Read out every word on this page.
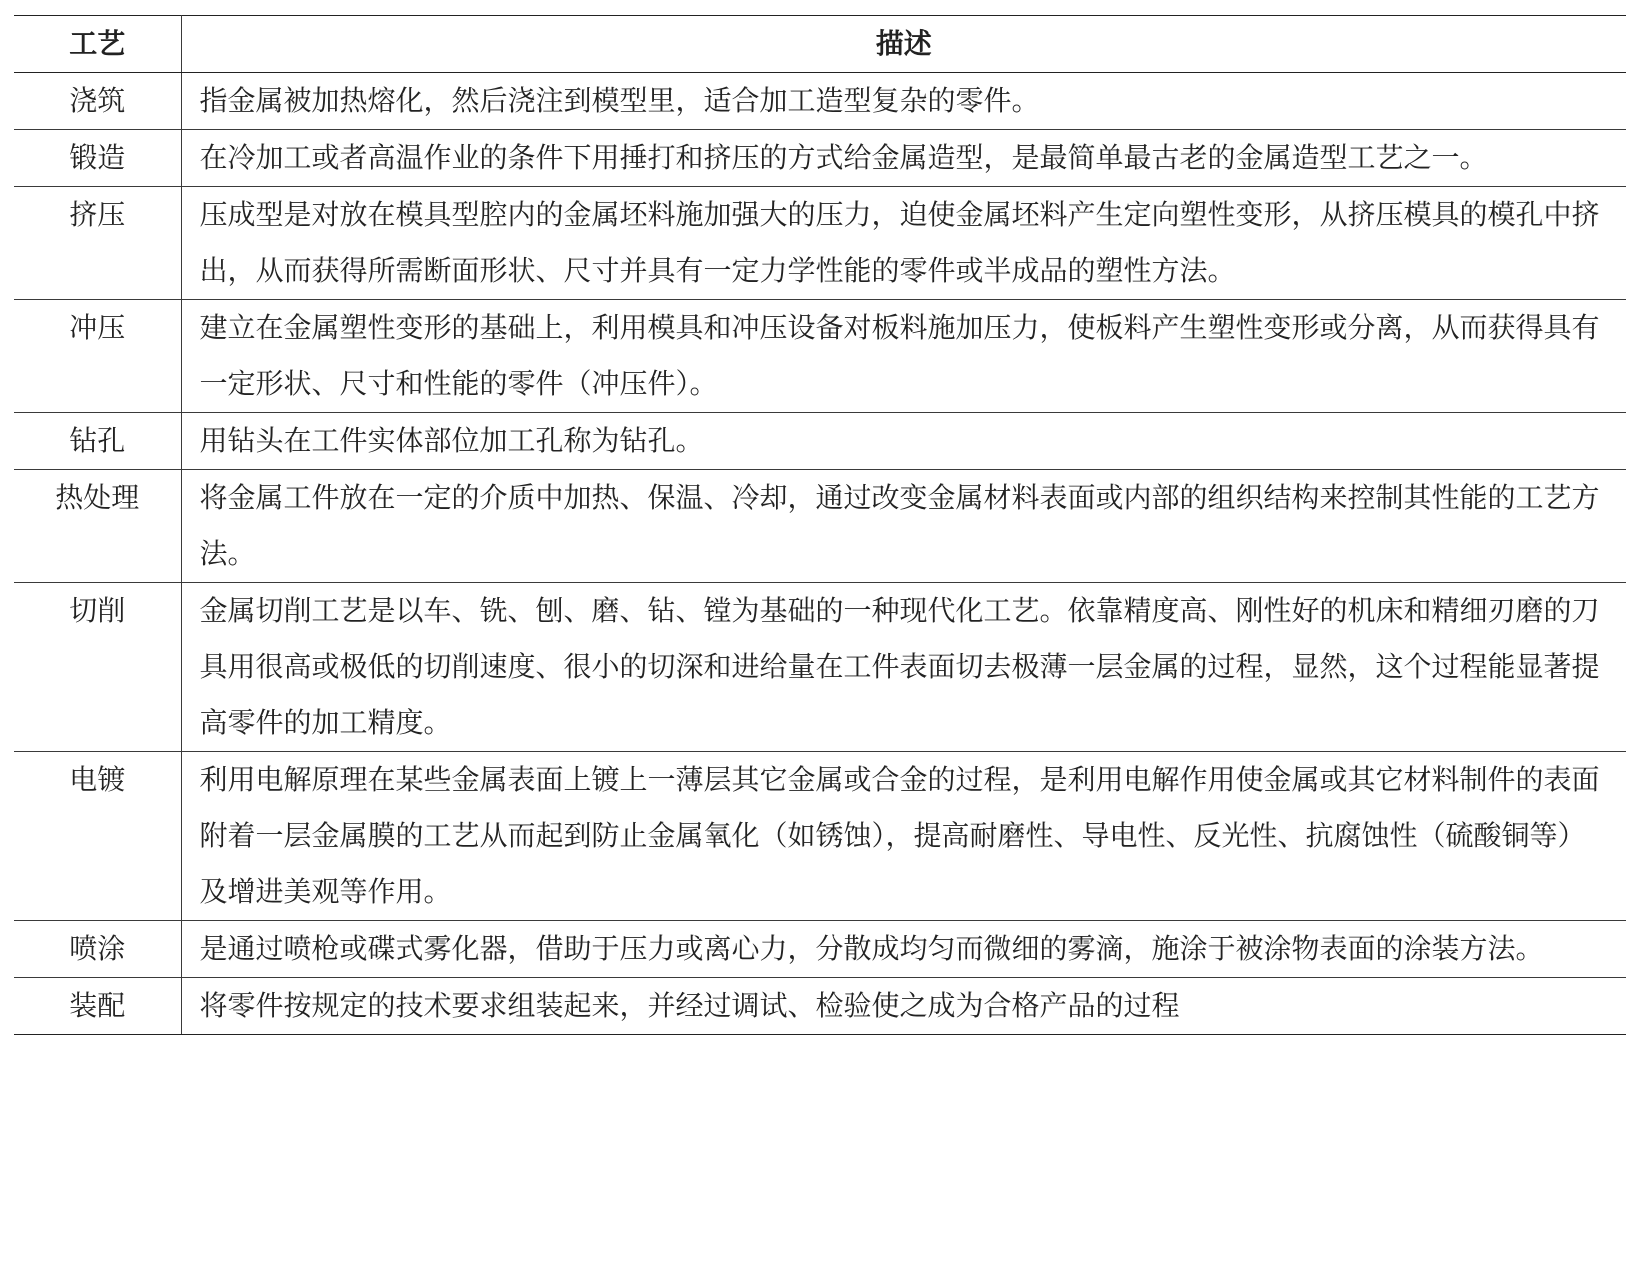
工艺	描述
浇筑	指金属被加热熔化，然后浇注到模型里，适合加工造型复杂的零件。
锻造	在冷加工或者高温作业的条件下用捶打和挤压的方式给金属造型，是最简单最古老的金属造型工艺之一。
挤压	压成型是对放在模具型腔内的金属坯料施加强大的压力，迫使金属坯料产生定向塑性变形，从挤压模具的模孔中挤出，从而获得所需断面形状、尺寸并具有一定力学性能的零件或半成品的塑性方法。
冲压	建立在金属塑性变形的基础上，利用模具和冲压设备对板料施加压力，使板料产生塑性变形或分离，从而获得具有一定形状、尺寸和性能的零件（冲压件）。
钻孔	用钻头在工件实体部位加工孔称为钻孔。
热处理	将金属工件放在一定的介质中加热、保温、冷却，通过改变金属材料表面或内部的组织结构来控制其性能的工艺方法。
切削	金属切削工艺是以车、铣、刨、磨、钻、镗为基础的一种现代化工艺。依靠精度高、刚性好的机床和精细刃磨的刀具用很高或极低的切削速度、很小的切深和进给量在工件表面切去极薄一层金属的过程，显然，这个过程能显著提高零件的加工精度。
电镀	利用电解原理在某些金属表面上镀上一薄层其它金属或合金的过程，是利用电解作用使金属或其它材料制件的表面附着一层金属膜的工艺从而起到防止金属氧化（如锈蚀），提高耐磨性、导电性、反光性、抗腐蚀性（硫酸铜等）及增进美观等作用。
喷涂	是通过喷枪或碟式雾化器，借助于压力或离心力，分散成均匀而微细的雾滴，施涂于被涂物表面的涂装方法。
装配	将零件按规定的技术要求组装起来，并经过调试、检验使之成为合格产品的过程
